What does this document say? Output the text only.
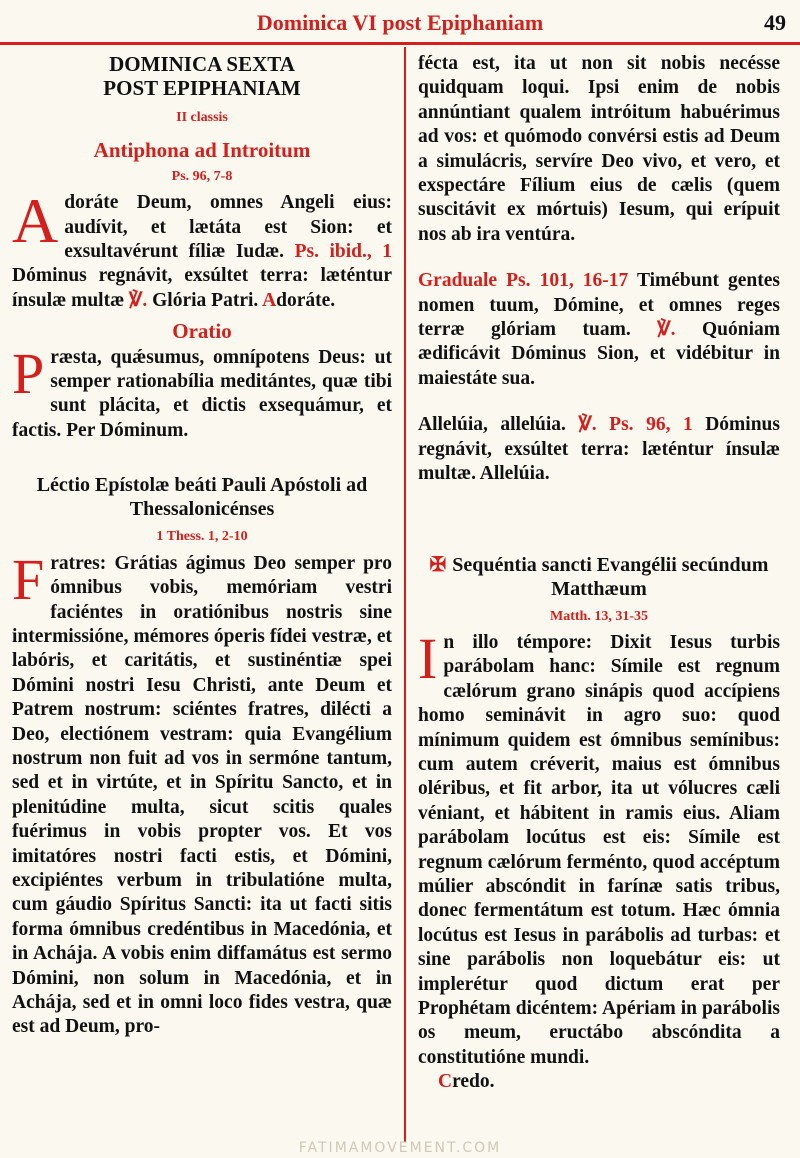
Dominica VI post Epiphaniam	49

DOMINICA SEXTA

POST EPIPHANIAM

II classis

Antiphona ad Introitum

Ps. 96, 7-8

Adoráte Deum, omnes Angeli eius: audívit, et lætáta est Sion: et exsultavérunt fíliæ Iudæ. Ps. ibid., 1 Dóminus regnávit, exsúltet terra: læténtur ínsulæ multæ ℣. Glória Patri. Adoráte.

Oratio

Præsta, quǽsumus, omnípotens Deus: ut semper rationabília meditántes, quæ tibi sunt plácita, et dictis exsequámur, et factis. Per Dóminum.

Léctio Epístolæ beáti Pauli Apóstoli ad Thessalonicénses

1 Thess. 1, 2-10

Fratres: Grátias ágimus Deo semper pro ómnibus vobis, memóriam vestri faciéntes in oratiónibus nostris sine intermissióne, mémores óperis fídei vestræ, et labóris, et caritátis, et sustinéntiæ spei Dómini nostri Iesu Christi, ante Deum et Patrem nostrum: sciéntes fratres, dilécti a Deo, electiónem vestram: quia Evangélium nostrum non fuit ad vos in sermóne tantum, sed et in virtúte, et in Spíritu Sancto, et in plenitúdine multa, sicut scitis quales fuérimus in vobis propter vos. Et vos imitatóres nostri facti estis, et Dómini, excipiéntes verbum in tribulatióne multa, cum gáudio Spíritus Sancti: ita ut facti sitis forma ómnibus credéntibus in Macedónia, et in Achája. A vobis enim diffamátus est sermo Dómini, non solum in Macedónia, et in Achája, sed et in omni loco fides vestra, quæ est ad Deum, pro-

fécta est, ita ut non sit nobis necésse quidquam loqui. Ipsi enim de nobis annúntiant qualem intróitum habuérimus ad vos: et quómodo convérsi estis ad Deum a simulácris, servíre Deo vivo, et vero, et exspectáre Fílium eius de cælis (quem suscitávit ex mórtuis) Iesum, qui erípuit nos ab ira ventúra.

Graduale Ps. 101, 16-17 Timébunt gentes nomen tuum, Dómine, et omnes reges terræ glóriam tuam. ℣. Quóniam ædificávit Dóminus Sion, et vidébitur in maiestáte sua.

Allelúia, allelúia. ℣. Ps. 96, 1 Dóminus regnávit, exsúltet terra: læténtur ínsulæ multæ. Allelúia.

✠ Sequéntia sancti Evangélii secúndum Matthæum

Matth. 13, 31-35

In illo témpore: Dixit Iesus turbis parábolam hanc: Símile est regnum cælórum grano sinápis quod accípiens homo seminávit in agro suo: quod mínimum quidem est ómnibus semínibus: cum autem créverit, maius est ómnibus oléribus, et fit arbor, ita ut vólucres cæli véniant, et hábitent in ramis eius. Aliam parábolam locútus est eis: Símile est regnum cælórum ferménto, quod accéptum múlier abscóndit in farínæ satis tribus, donec fermentátum est totum. Hæc ómnia locútus est Iesus in parábolis ad turbas: et sine parábolis non loquebátur eis: ut implerétur quod dictum erat per Prophétam dicéntem: Apériam in parábolis os meum, eructábo abscóndita a constitutióne mundi.

Credo.

FATIMAMOVEMENT.COM
